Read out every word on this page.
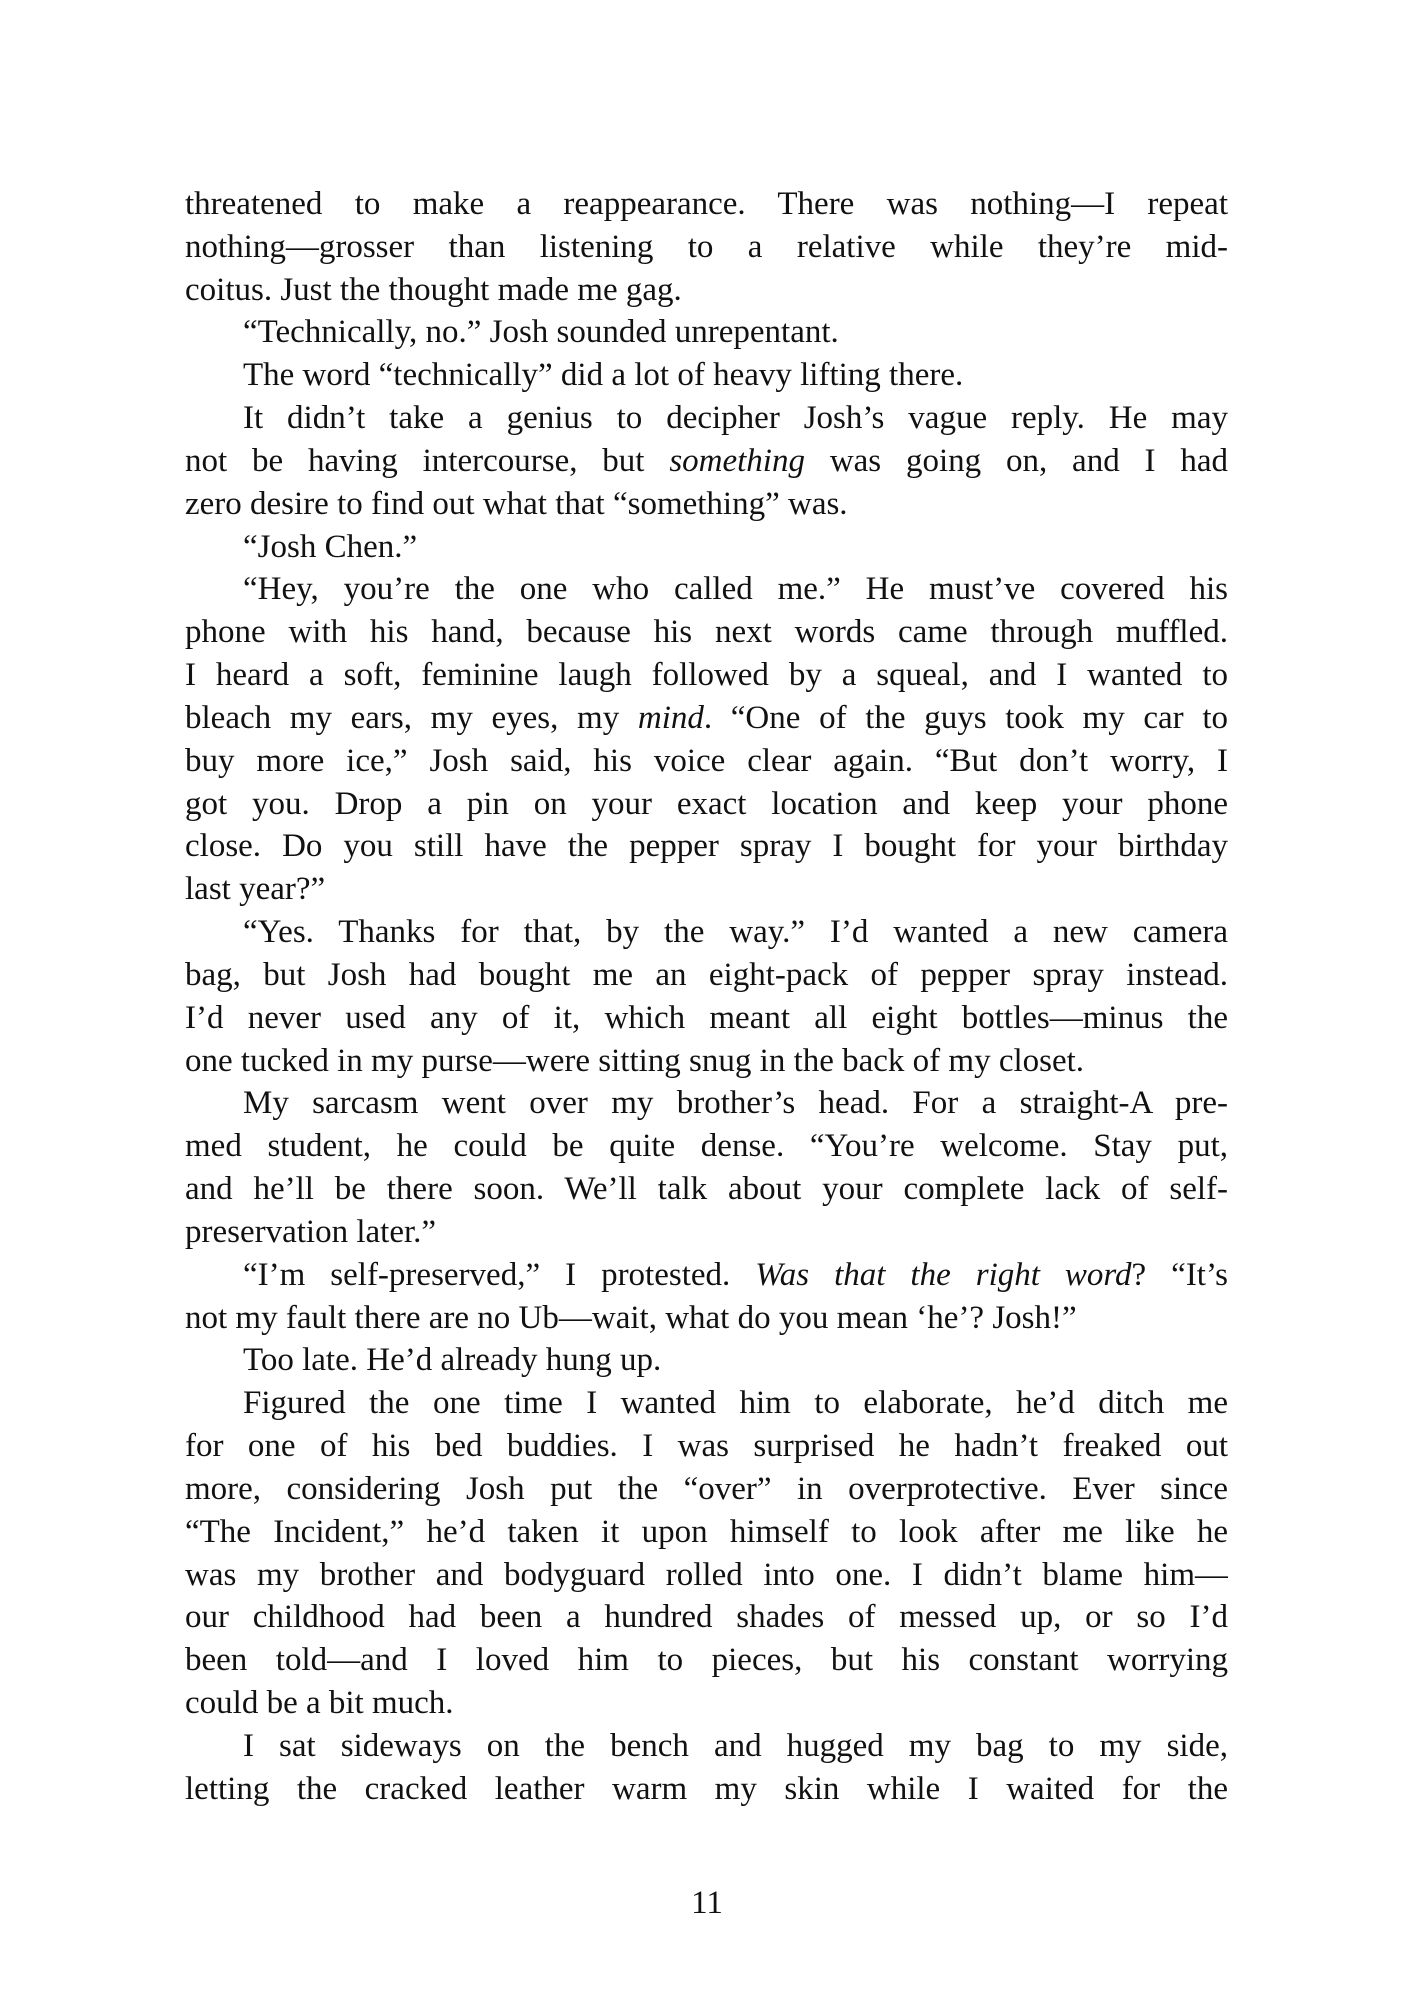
threatened to make a reappearance. There was nothing—I repeat
nothing—grosser than listening to a relative while they’re mid-
coitus. Just the thought made me gag.
“Technically, no.” Josh sounded unrepentant.
The word “technically” did a lot of heavy lifting there.
It didn’t take a genius to decipher Josh’s vague reply. He may
not be having intercourse, but something was going on, and I had
zero desire to find out what that “something” was.
“Josh Chen.”
“Hey, you’re the one who called me.” He must’ve covered his
phone with his hand, because his next words came through muffled.
I heard a soft, feminine laugh followed by a squeal, and I wanted to
bleach my ears, my eyes, my mind. “One of the guys took my car to
buy more ice,” Josh said, his voice clear again. “But don’t worry, I
got you. Drop a pin on your exact location and keep your phone
close. Do you still have the pepper spray I bought for your birthday
last year?”
“Yes. Thanks for that, by the way.” I’d wanted a new camera
bag, but Josh had bought me an eight-pack of pepper spray instead.
I’d never used any of it, which meant all eight bottles—minus the
one tucked in my purse—were sitting snug in the back of my closet.
My sarcasm went over my brother’s head. For a straight-A pre-
med student, he could be quite dense. “You’re welcome. Stay put,
and he’ll be there soon. We’ll talk about your complete lack of self-
preservation later.”
“I’m self-preserved,” I protested. Was that the right word? “It’s
not my fault there are no Ub—wait, what do you mean ‘he’? Josh!”
Too late. He’d already hung up.
Figured the one time I wanted him to elaborate, he’d ditch me
for one of his bed buddies. I was surprised he hadn’t freaked out
more, considering Josh put the “over” in overprotective. Ever since
“The Incident,” he’d taken it upon himself to look after me like he
was my brother and bodyguard rolled into one. I didn’t blame him—
our childhood had been a hundred shades of messed up, or so I’d
been told—and I loved him to pieces, but his constant worrying
could be a bit much.
I sat sideways on the bench and hugged my bag to my side,
letting the cracked leather warm my skin while I waited for the
11
